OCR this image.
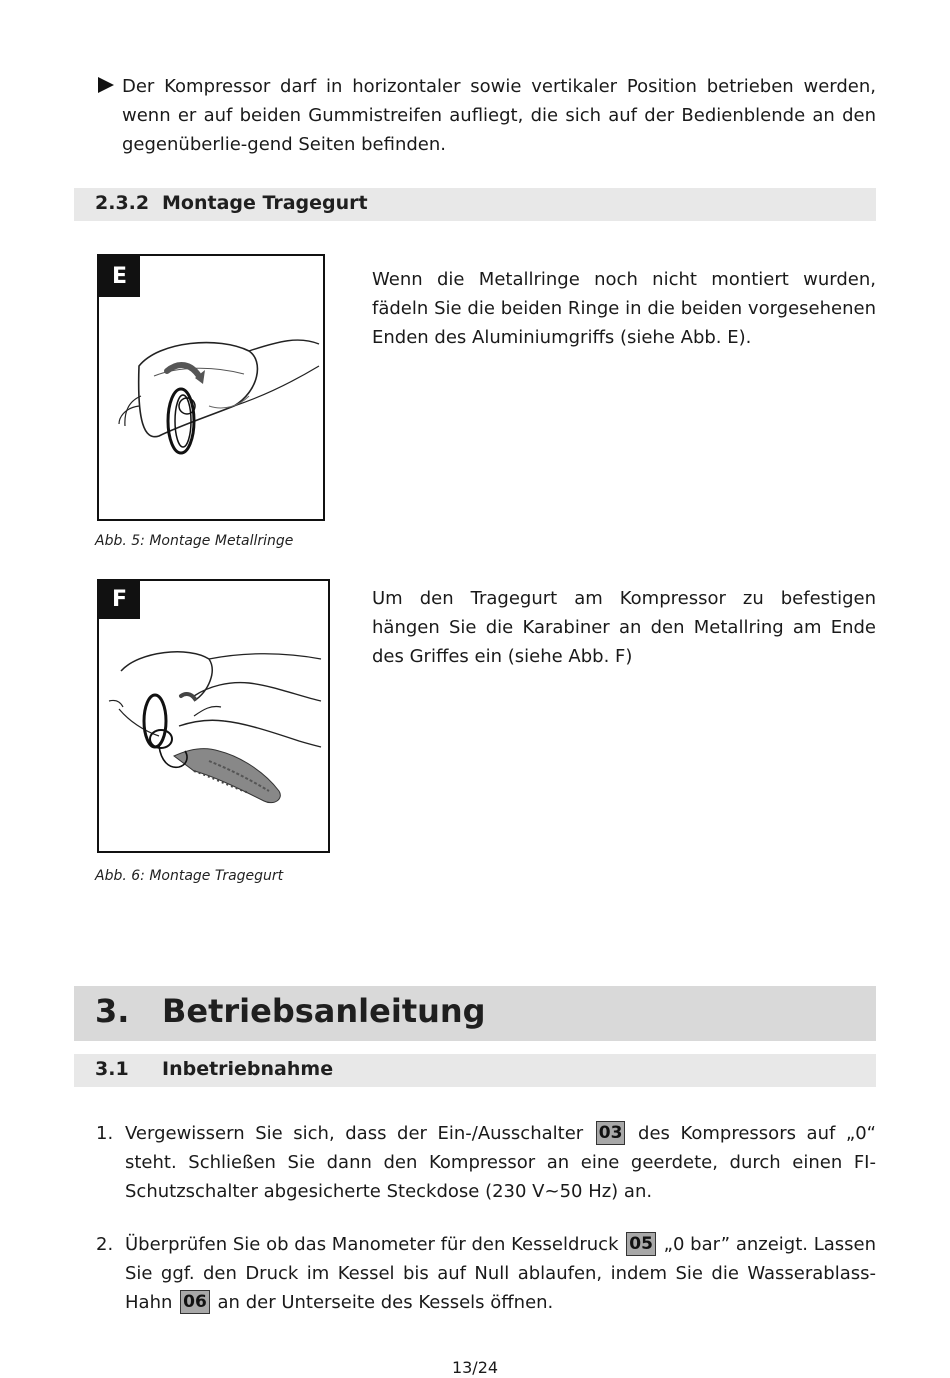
Der Kompressor darf in horizontaler sowie vertikaler Position betrieben werden, wenn er auf beiden Gummistreifen aufliegt, die sich auf der Bedienblende an den gegenüberlie-gend Seiten befinden.
2.3.2 Montage Tragegurt
E
Abb. 5: Montage Metallringe
Wenn die Metallringe noch nicht montiert wurden, fädeln Sie die beiden Ringe in die beiden vorgesehenen Enden des Aluminiumgriffs (siehe Abb. E).
F
Abb. 6: Montage Tragegurt
Um den Tragegurt am Kompressor zu befestigen hängen Sie die Karabiner an den Metallring am Ende des Griffes ein (siehe Abb. F)
3. Betriebsanleitung
3.1 Inbetriebnahme
1. Vergewissern Sie sich, dass der Ein-/Ausschalter 03 des Kompressors auf „0“ steht. Schließen Sie dann den Kompressor an eine geerdete, durch einen FI-Schutzschalter abgesicherte Steckdose (230 V~50 Hz) an.
2. Überprüfen Sie ob das Manometer für den Kesseldruck 05 „0 bar” anzeigt. Lassen Sie ggf. den Druck im Kessel bis auf Null ablaufen, indem Sie die Wasserablass-Hahn 06 an der Unterseite des Kessels öffnen.
13/24
